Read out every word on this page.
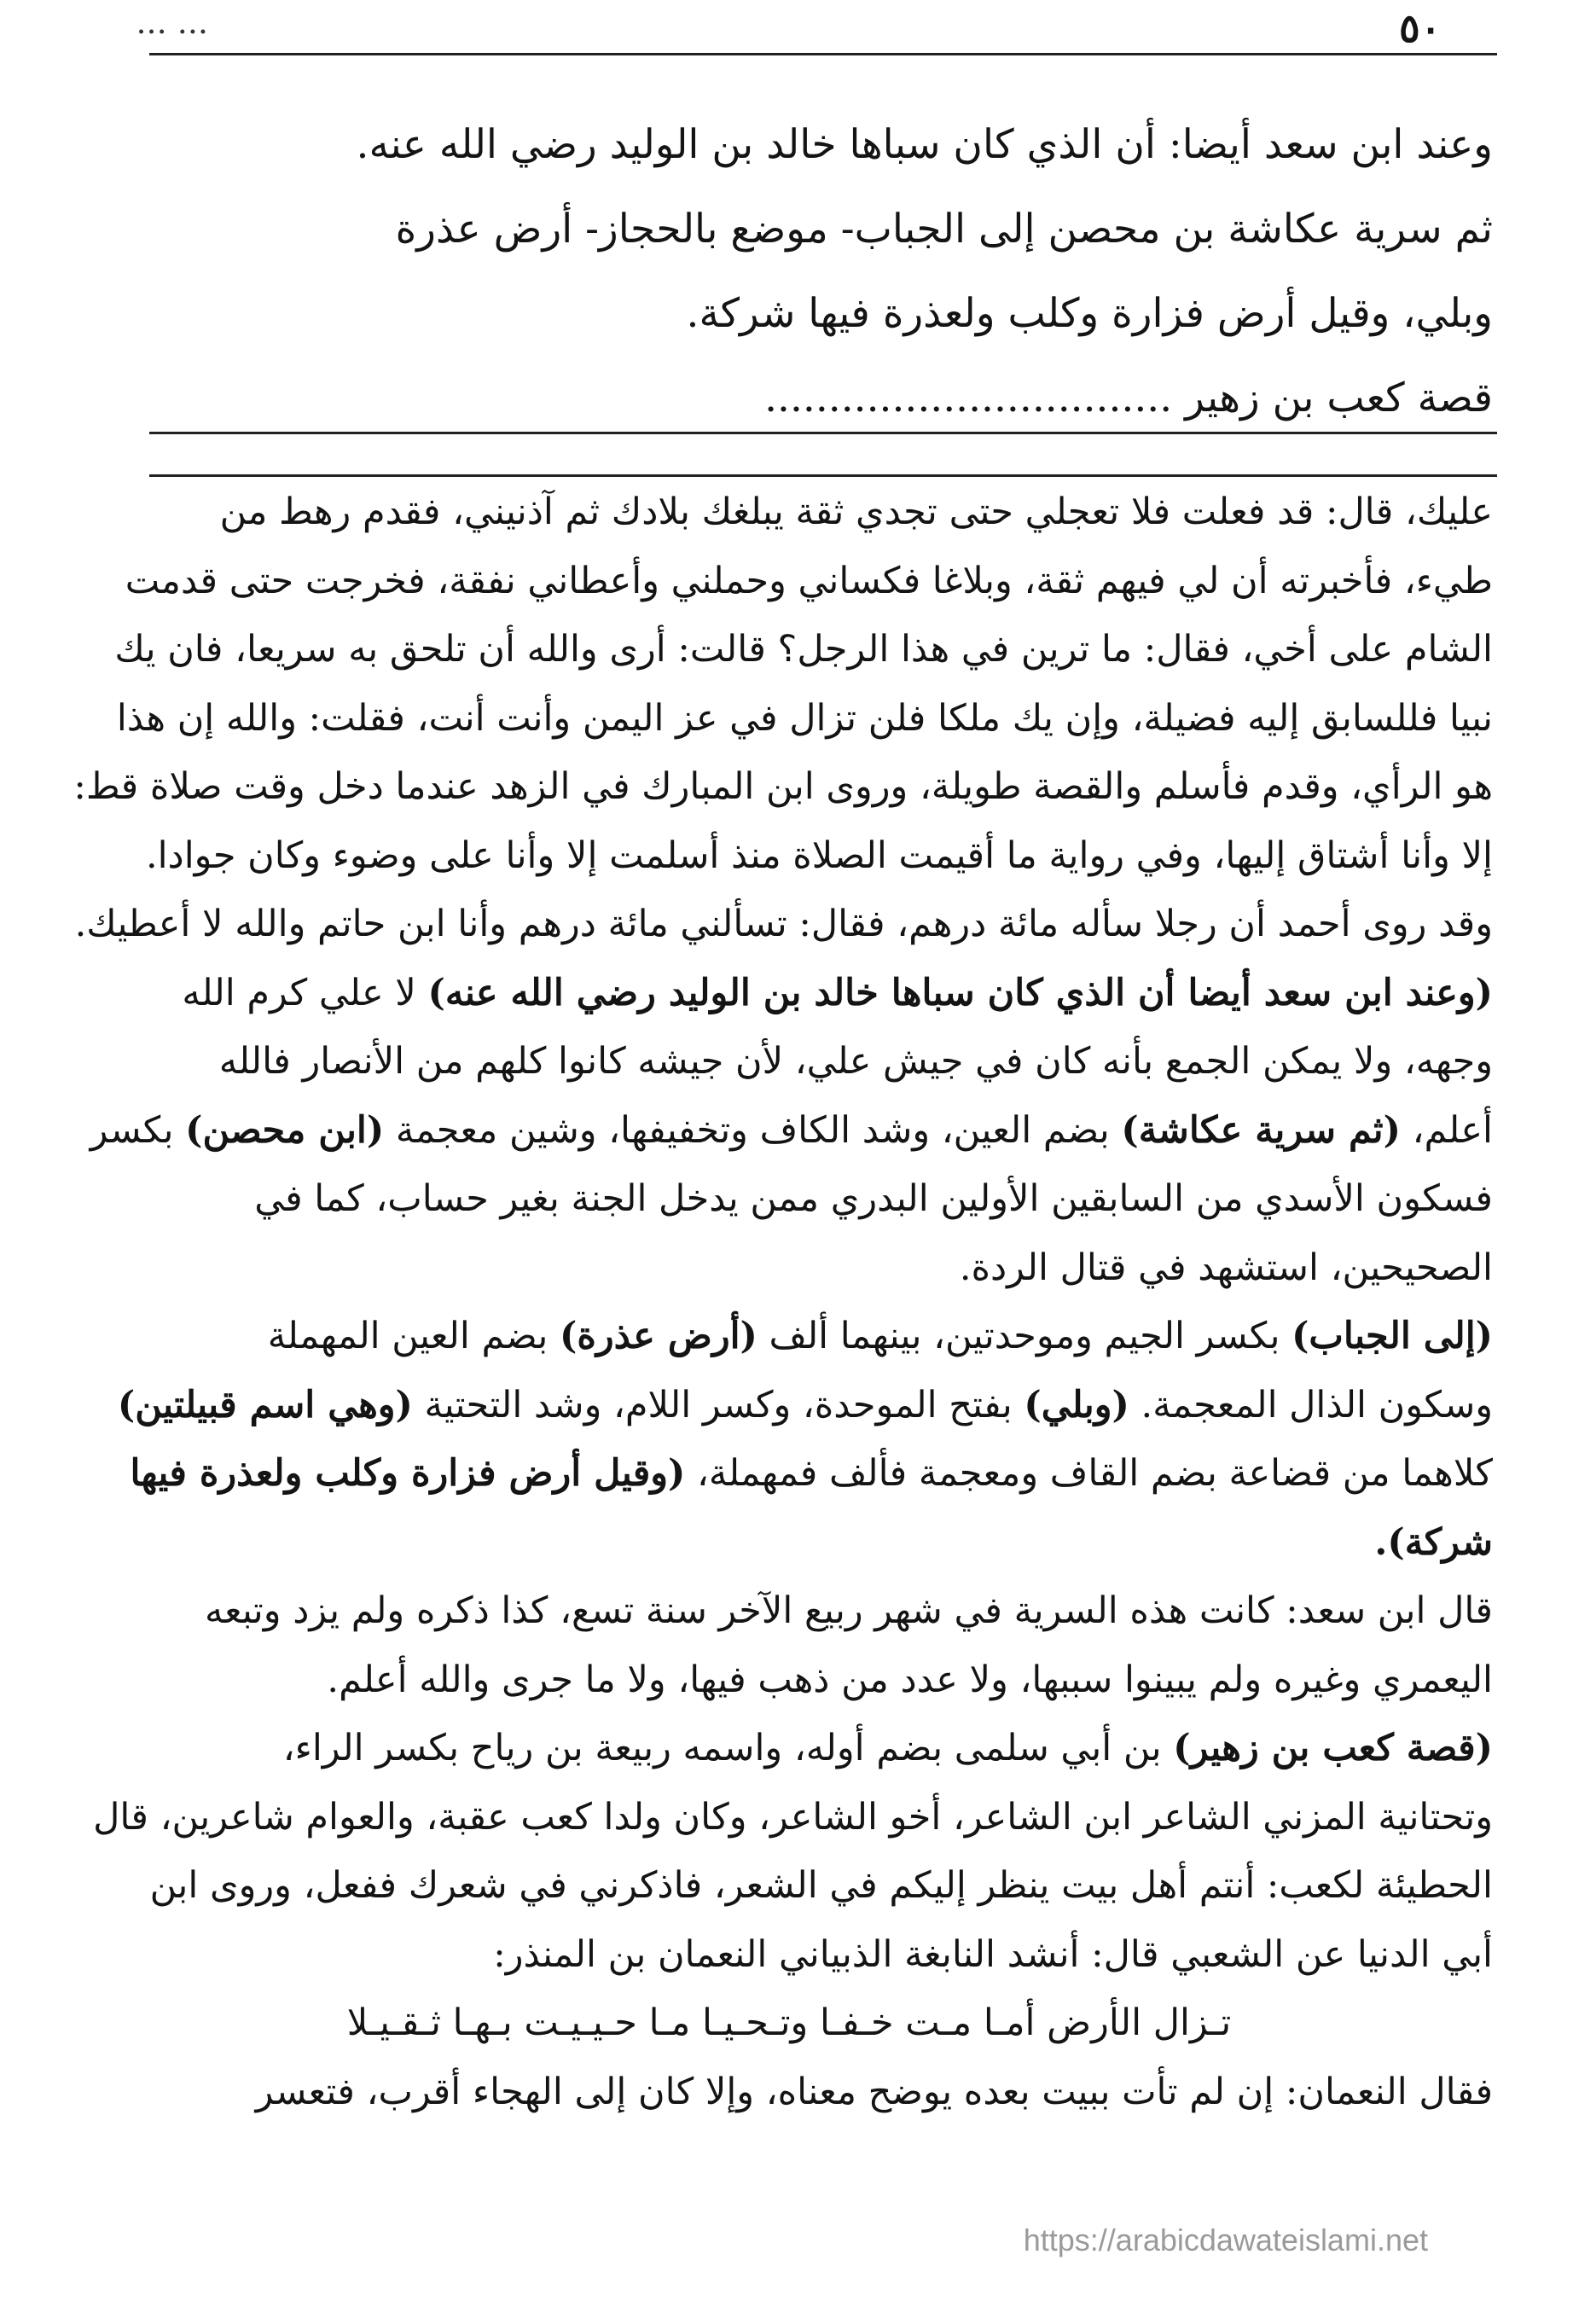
... ...	٥٠
وعند ابن سعد أيضا: أن الذي كان سباها خالد بن الوليد رضي الله عنه.
ثم سرية عكاشة بن محصن إلى الجباب- موضع بالحجاز- أرض عذرة
وبلي، وقيل أرض فزارة وكلب ولعذرة فيها شركة.
قصة كعب بن زهير ................................
عليك، قال: قد فعلت فلا تعجلي حتى تجدي ثقة يبلغك بلادك ثم آذنيني، فقدم رهط من
طيء، فأخبرته أن لي فيهم ثقة، وبلاغا فكساني وحملني وأعطاني نفقة، فخرجت حتى قدمت
الشام على أخي، فقال: ما ترين في هذا الرجل؟ قالت: أرى والله أن تلحق به سريعا، فان يك
نبيا فللسابق إليه فضيلة، وإن يك ملكا فلن تزال في عز اليمن وأنت أنت، فقلت: والله إن هذا
هو الرأي، وقدم فأسلم والقصة طويلة، وروى ابن المبارك في الزهد عندما دخل وقت صلاة قط:
إلا وأنا أشتاق إليها، وفي رواية ما أقيمت الصلاة منذ أسلمت إلا وأنا على وضوء وكان جوادا.
وقد روى أحمد أن رجلا سأله مائة درهم، فقال: تسألني مائة درهم وأنا ابن حاتم والله لا أعطيك.
(وعند ابن سعد أيضا أن الذي كان سباها خالد بن الوليد رضي الله عنه) لا علي كرم الله
وجهه، ولا يمكن الجمع بأنه كان في جيش علي، لأن جيشه كانوا كلهم من الأنصار فالله
أعلم، (ثم سرية عكاشة) بضم العين، وشد الكاف وتخفيفها، وشين معجمة (ابن محصن) بكسر
فسكون الأسدي من السابقين الأولين البدري ممن يدخل الجنة بغير حساب، كما في
الصحيحين، استشهد في قتال الردة.
(إلى الجباب) بكسر الجيم وموحدتين، بينهما ألف (أرض عذرة) بضم العين المهملة
وسكون الذال المعجمة. (وبلي) بفتح الموحدة، وكسر اللام، وشد التحتية (وهي اسم قبيلتين)
كلاهما من قضاعة بضم القاف ومعجمة فألف فمهملة، (وقيل أرض فزارة وكلب ولعذرة فيها
شركة).
قال ابن سعد: كانت هذه السرية في شهر ربيع الآخر سنة تسع، كذا ذكره ولم يزد وتبعه
اليعمري وغيره ولم يبينوا سببها، ولا عدد من ذهب فيها، ولا ما جرى والله أعلم.
(قصة كعب بن زهير) بن أبي سلمى بضم أوله، واسمه ربيعة بن رياح بكسر الراء،
وتحتانية المزني الشاعر ابن الشاعر، أخو الشاعر، وكان ولدا كعب عقبة، والعوام شاعرين، قال
الحطيئة لكعب: أنتم أهل بيت ينظر إليكم في الشعر، فاذكرني في شعرك ففعل، وروى ابن
أبي الدنيا عن الشعبي قال: أنشد النابغة الذبياني النعمان بن المنذر:
تـزال الأرض أمـا مـت خـفـا وتـحـيـا مـا حـيـيـت بـهـا ثـقـيـلا
فقال النعمان: إن لم تأت ببيت بعده يوضح معناه، وإلا كان إلى الهجاء أقرب، فتعسر
https://arabicdawateislami.net
